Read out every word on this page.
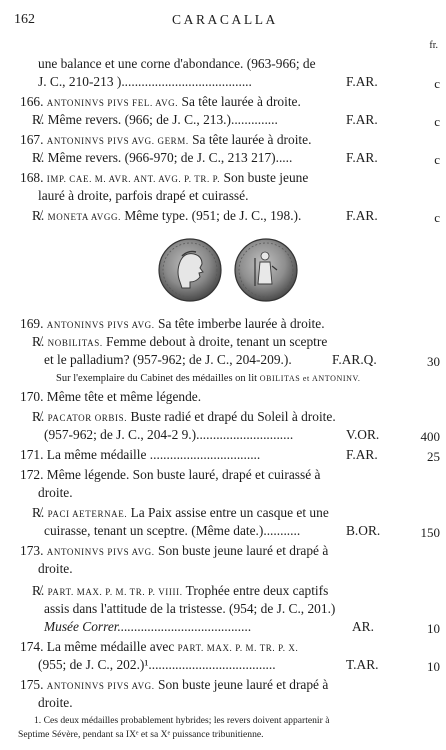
162	CARACALLA
fr.
une balance et une corne d'abondance. (963-966; de
J. C., 210-213 ).......................................	F.AR.	c
166. ANTONINVS PIVS FEL. AVG. Sa tête laurée à droite.
R̸. Même revers. (966; de J. C., 213.)..............	F.AR.	c
167. ANTONINVS PIVS AVG. GERM. Sa tête laurée à droite.
R̸. Même revers. (966-970; de J. C., 213 217).....	F.AR.	c
168. IMP. CAE. M. AVR. ANT. AVG. P. TR. P. Son buste jeune
lauré à droite, parfois drapé et cuirassé.
R̸. MONETA AVGG. Même type. (951; de J. C., 198.).	F.AR.	c
169. ANTONINVS PIVS AVG. Sa tête imberbe laurée à droite.
R̸. NOBILITAS. Femme debout à droite, tenant un sceptre
et le palladium? (957-962; de J. C., 204-209.).	F.AR.Q.	30
Sur l'exemplaire du Cabinet des médailles on lit OBILITAS et ANTONINV.
170. Même tête et même légende.
R̸. PACATOR ORBIS. Buste radié et drapé du Soleil à droite.
(957-962; de J. C., 204-2 9.).............................	V.OR.	400
171. La même médaille .................................	F.AR.	25
172. Même légende. Son buste lauré, drapé et cuirassé à
droite.
R̸. PACI AETERNAE. La Paix assise entre un casque et une
cuirasse, tenant un sceptre. (Même date.)...........	B.OR.	150
173. ANTONINVS PIVS AVG. Son buste jeune lauré et drapé à
droite.
R̸. PART. MAX. P. M. TR. P. VIIII. Trophée entre deux captifs
assis dans l'attitude de la tristesse. (954; de J. C., 201.)
Musée Correr........................................	AR.	10
174. La même médaille avec PART. MAX. P. M. TR. P. X.
(955; de J. C., 202.)¹......................................	T.AR.	10
175. ANTONINVS PIVS AVG. Son buste jeune lauré et drapé à
droite.
1. Ces deux médailles probablement hybrides; les revers doivent appartenir à
Septime Sévère, pendant sa IXᵉ et sa Xᵉ puissance tribunitienne.
